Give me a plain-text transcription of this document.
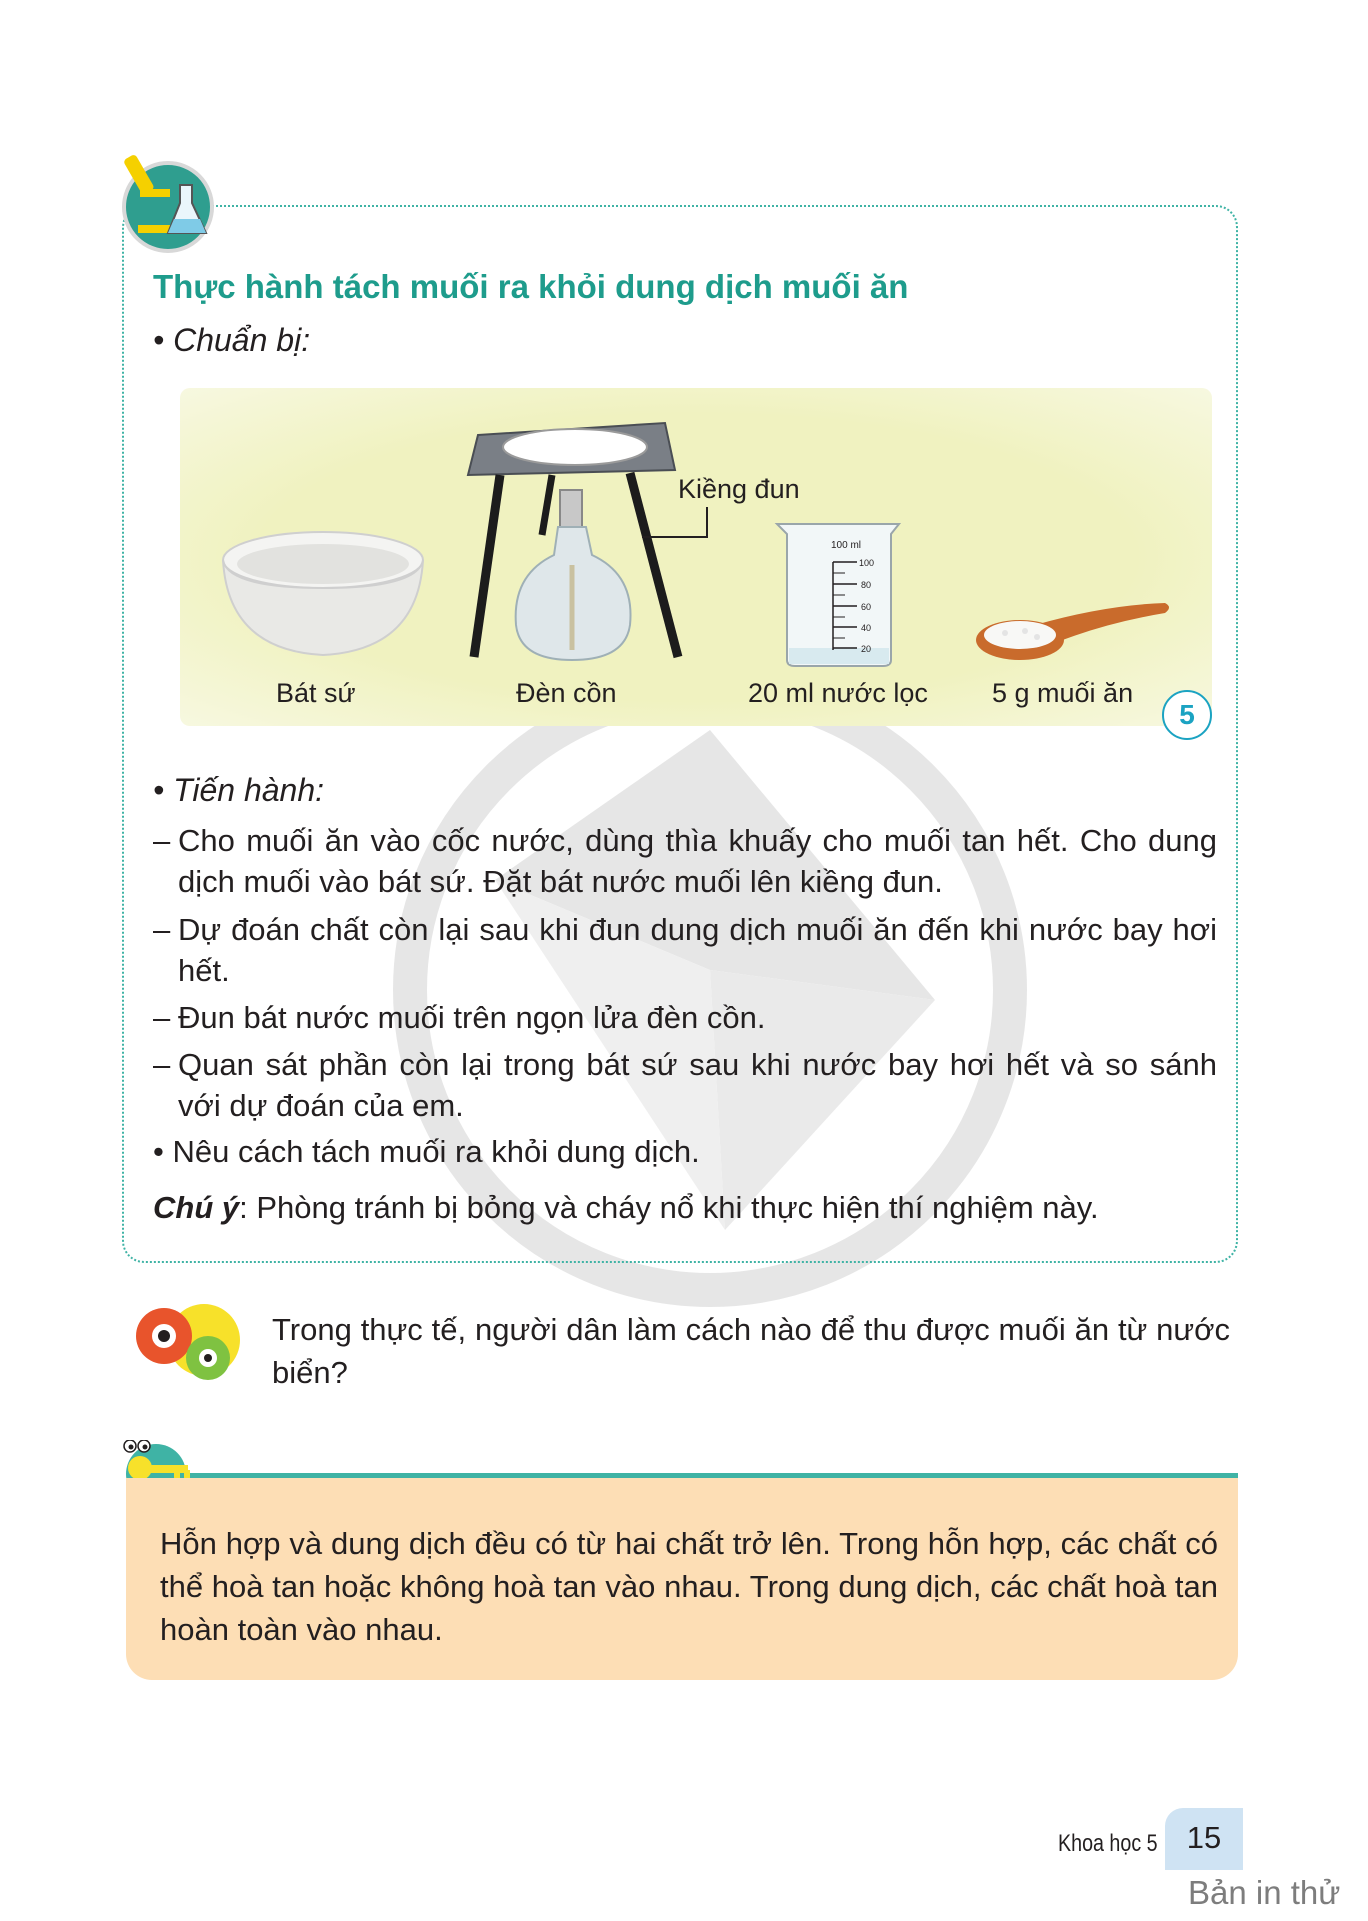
Thực hành tách muối ra khỏi dung dịch muối ăn
• Chuẩn bị:
Kiềng đun
100 ml
100
80
60
40
20
Bát sứ	Đèn cồn	20 ml nước lọc 5 g muối ăn
5
• Tiến hành:
– Cho muối ăn vào cốc nước, dùng thìa khuấy cho muối tan hết. Cho dung dịch muối vào bát sứ. Đặt bát nước muối lên kiềng đun.
– Dự đoán chất còn lại sau khi đun dung dịch muối ăn đến khi nước bay hơi hết.
– Đun bát nước muối trên ngọn lửa đèn cồn.
– Quan sát phần còn lại trong bát sứ sau khi nước bay hơi hết và so sánh với dự đoán của em.
• Nêu cách tách muối ra khỏi dung dịch.
Chú ý: Phòng tránh bị bỏng và cháy nổ khi thực hiện thí nghiệm này.
Trong thực tế, người dân làm cách nào để thu được muối ăn từ nước biển?
Hỗn hợp và dung dịch đều có từ hai chất trở lên. Trong hỗn hợp, các chất có thể hoà tan hoặc không hoà tan vào nhau. Trong dung dịch, các chất hoà tan hoàn toàn vào nhau.
Khoa học 5 15
Bản in thử
